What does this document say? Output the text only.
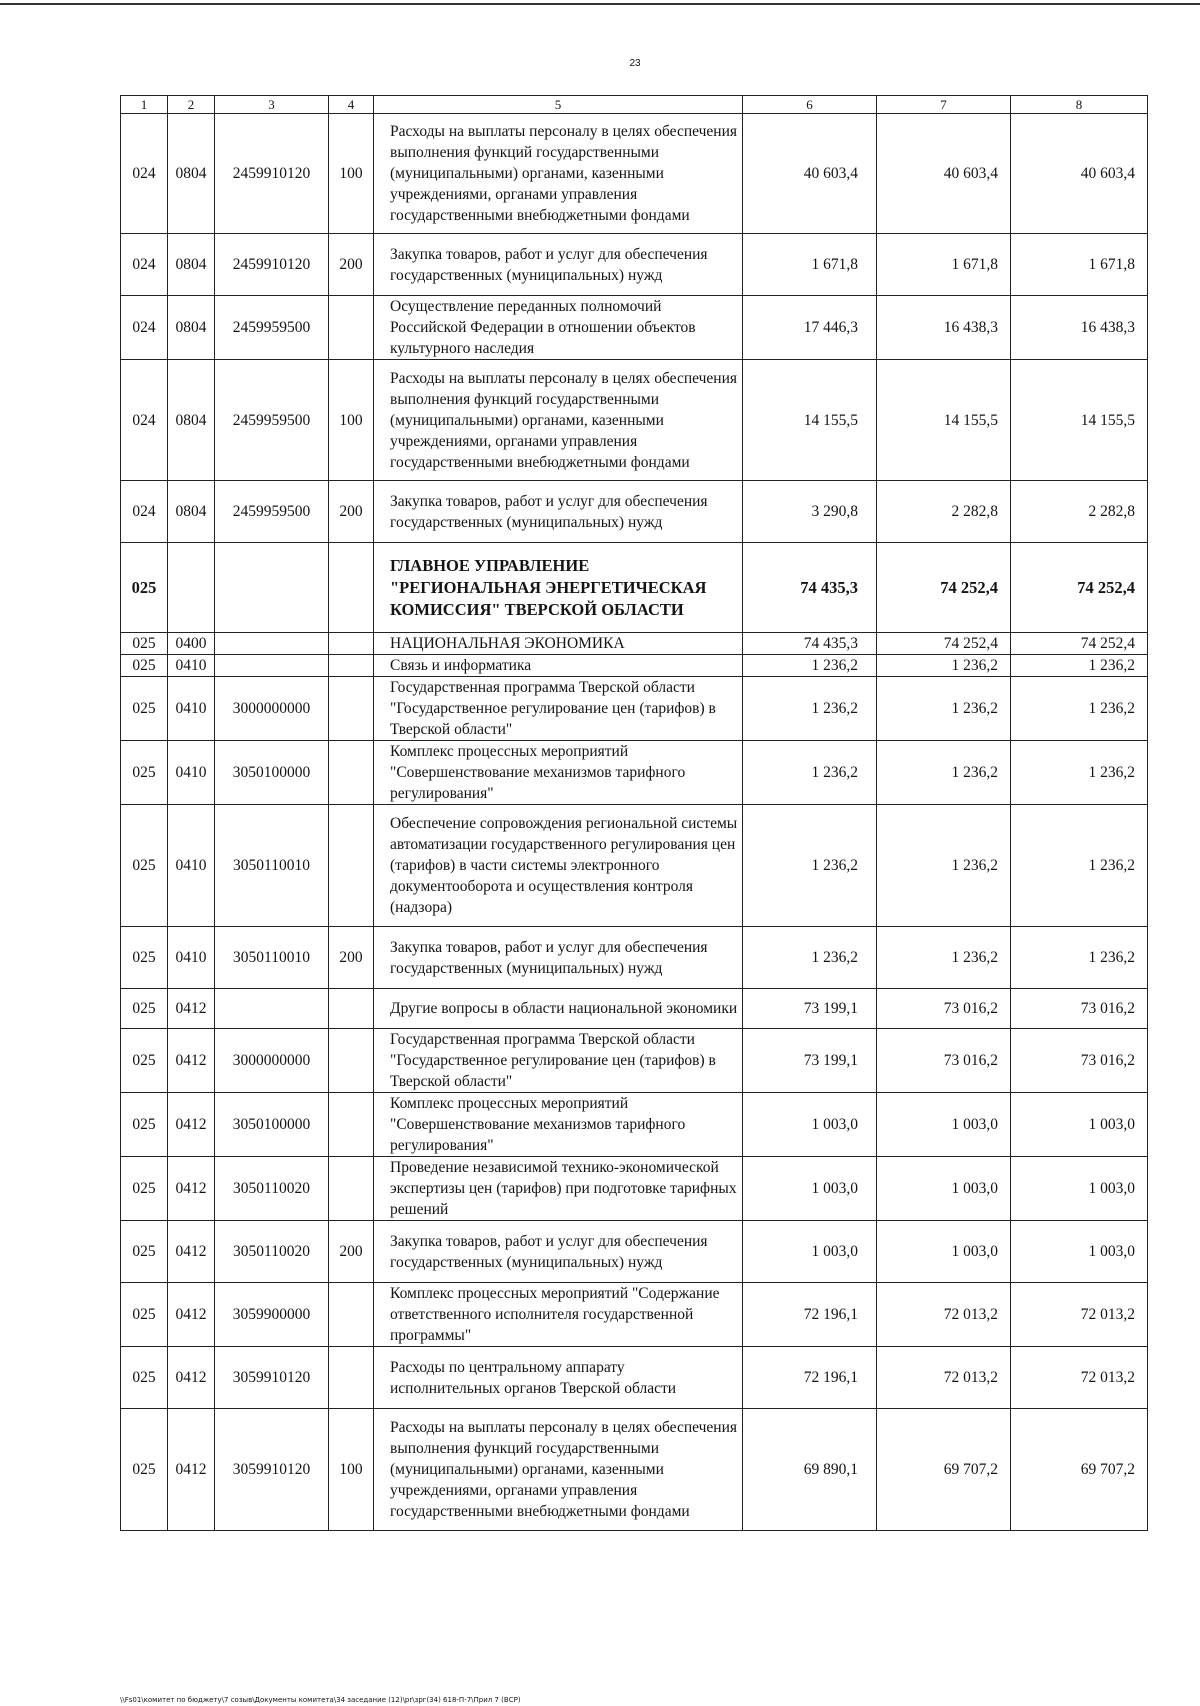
23
1	2	3	4	5	6	7	8
024	0804	2459910120	100	Расходы на выплаты персоналу в целях обеспечения выполнения функций государственными (муниципальными) органами, казенными учреждениями, органами управления государственными внебюджетными фондами	40 603,4	40 603,4	40 603,4
024	0804	2459910120	200	Закупка товаров, работ и услуг для обеспечения государственных (муниципальных) нужд	1 671,8	1 671,8	1 671,8
024	0804	2459959500		Осуществление переданных полномочий Российской Федерации в отношении объектов культурного наследия	17 446,3	16 438,3	16 438,3
024	0804	2459959500	100	Расходы на выплаты персоналу в целях обеспечения выполнения функций государственными (муниципальными) органами, казенными учреждениями, органами управления государственными внебюджетными фондами	14 155,5	14 155,5	14 155,5
024	0804	2459959500	200	Закупка товаров, работ и услуг для обеспечения государственных (муниципальных) нужд	3 290,8	2 282,8	2 282,8
025				ГЛАВНОЕ УПРАВЛЕНИЕ "РЕГИОНАЛЬНАЯ ЭНЕРГЕТИЧЕСКАЯ КОМИССИЯ" ТВЕРСКОЙ ОБЛАСТИ	74 435,3	74 252,4	74 252,4
025	0400			НАЦИОНАЛЬНАЯ ЭКОНОМИКА	74 435,3	74 252,4	74 252,4
025	0410			Связь и информатика	1 236,2	1 236,2	1 236,2
025	0410	3000000000		Государственная программа Тверской области "Государственное регулирование цен (тарифов) в Тверской области"	1 236,2	1 236,2	1 236,2
025	0410	3050100000		Комплекс процессных мероприятий "Совершенствование механизмов тарифного регулирования"	1 236,2	1 236,2	1 236,2
025	0410	3050110010		Обеспечение сопровождения региональной системы автоматизации государственного регулирования цен (тарифов) в части системы электронного документооборота и осуществления контроля (надзора)	1 236,2	1 236,2	1 236,2
025	0410	3050110010	200	Закупка товаров, работ и услуг для обеспечения государственных (муниципальных) нужд	1 236,2	1 236,2	1 236,2
025	0412			Другие вопросы в области национальной экономики	73 199,1	73 016,2	73 016,2
025	0412	3000000000		Государственная программа Тверской области "Государственное регулирование цен (тарифов) в Тверской области"	73 199,1	73 016,2	73 016,2
025	0412	3050100000		Комплекс процессных мероприятий "Совершенствование механизмов тарифного регулирования"	1 003,0	1 003,0	1 003,0
025	0412	3050110020		Проведение независимой технико-экономической экспертизы цен (тарифов) при подготовке тарифных решений	1 003,0	1 003,0	1 003,0
025	0412	3050110020	200	Закупка товаров, работ и услуг для обеспечения государственных (муниципальных) нужд	1 003,0	1 003,0	1 003,0
025	0412	3059900000		Комплекс процессных мероприятий "Содержание ответственного исполнителя государственной программы"	72 196,1	72 013,2	72 013,2
025	0412	3059910120		Расходы по центральному аппарату исполнительных органов Тверской области	72 196,1	72 013,2	72 013,2
025	0412	3059910120	100	Расходы на выплаты персоналу в целях обеспечения выполнения функций государственными (муниципальными) органами, казенными учреждениями, органами управления государственными внебюджетными фондами	69 890,1	69 707,2	69 707,2
\\Fs01\комитет по бюджету\7 созыв\Документы комитета\34 заседание (12)\pr\зрг(34) 618-П-7\Прил 7 (ВСР)
